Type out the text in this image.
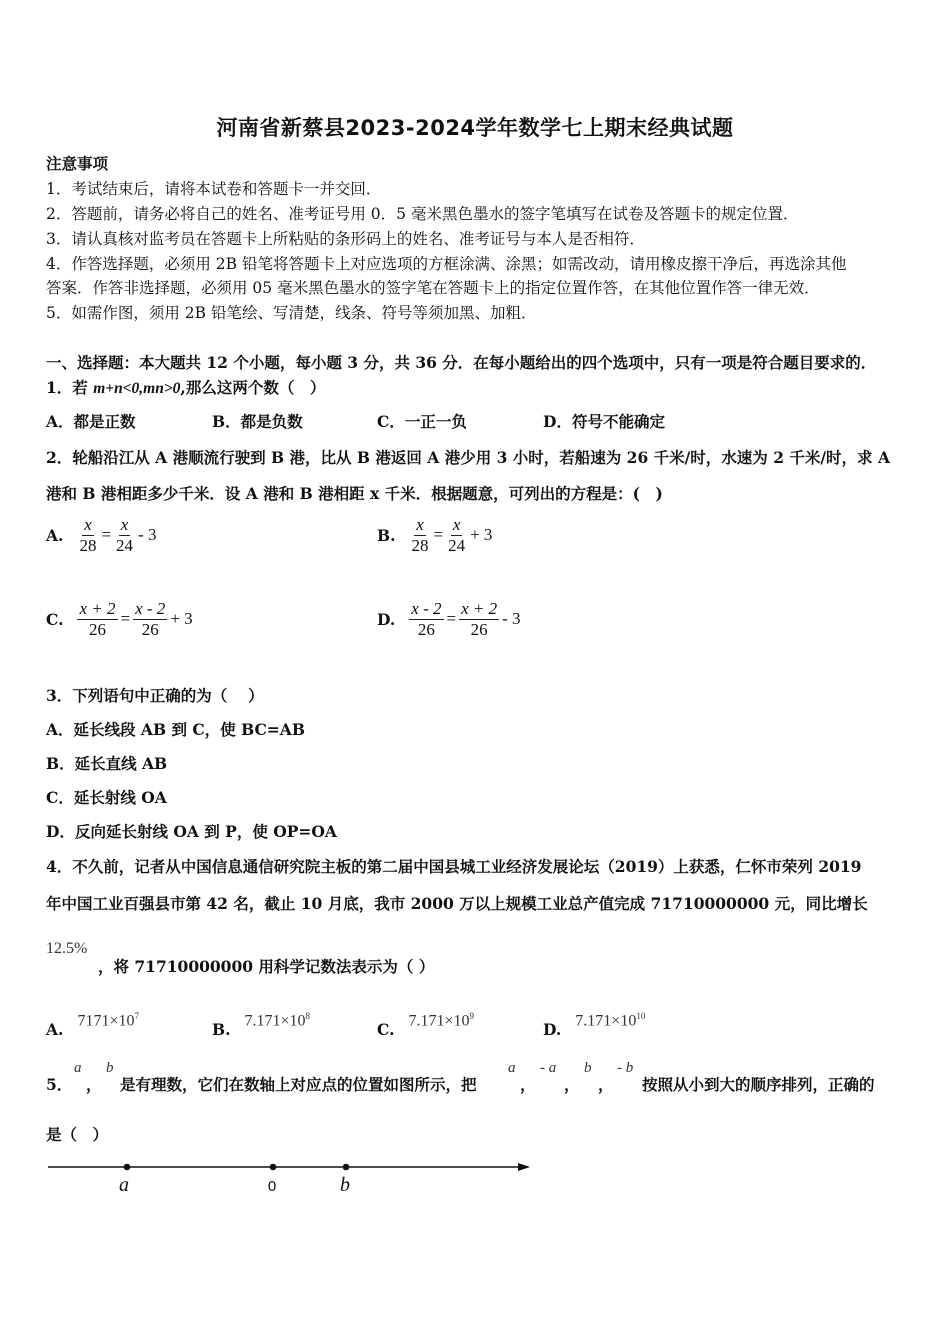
河南省新蔡县2023-2024学年数学七上期末经典试题
注意事项
1．考试结束后，请将本试卷和答题卡一并交回．
2．答题前，请务必将自己的姓名、准考证号用 0．5 毫米黑色墨水的签字笔填写在试卷及答题卡的规定位置．
3．请认真核对监考员在答题卡上所粘贴的条形码上的姓名、准考证号与本人是否相符．
4．作答选择题，必须用 2B 铅笔将答题卡上对应选项的方框涂满、涂黑；如需改动，请用橡皮擦干净后，再选涂其他
答案．作答非选择题，必须用 05 毫米黑色墨水的签字笔在答题卡上的指定位置作答，在其他位置作答一律无效．
5．如需作图，须用 2B 铅笔绘、写清楚，线条、符号等须加黑、加粗．
一、选择题：本大题共 12 个小题，每小题 3 分，共 36 分．在每小题给出的四个选项中，只有一项是符合题目要求的．
1．若 m+n<0,mn>0,那么这两个数（　）
A．都是正数	B．都是负数	C．一正一负	D．符号不能确定
2．轮船沿江从 A 港顺流行驶到 B 港，比从 B 港返回 A 港少用 3 小时，若船速为 26 千米/时，水速为 2 千米/时，求 A
港和 B 港相距多少千米．设 A 港和 B 港相距 x 千米．根据题意，可列出的方程是：(　)
A. $\frac{x}{28} = \frac{x}{24} - 3$	B. $\frac{x}{28} = \frac{x}{24} + 3$
C. $\frac{x + 2}{26} = \frac{x - 2}{26} + 3$	D. $\frac{x - 2}{26} = \frac{x + 2}{26} - 3$
3．下列语句中正确的为（　 ）
A．延长线段 AB 到 C，使 BC=AB
B．延长直线 AB
C．延长射线 OA
D．反向延长射线 OA 到 P，使 OP=OA
4．不久前，记者从中国信息通信研究院主板的第二届中国县城工业经济发展论坛（2019）上获悉，仁怀市荣列 2019
年中国工业百强县市第 42 名，截止 10 月底，我市 2000 万以上规模工业总产值完成 71710000000 元，同比增长
12.5%
，将 71710000000 用科学记数法表示为（ ）
A. $7171\times 10^7$
B. $7.171\times 10^8$
C. $7.171\times 10^9$
D. $7.171\times 10^{10}$
5．
a
，
b
是有理数，它们在数轴上对应点的位置如图所示，把
a
，
- a
，
b
，
- b
按照从小到大的顺序排列，正确的
是（　）
a	0	b
